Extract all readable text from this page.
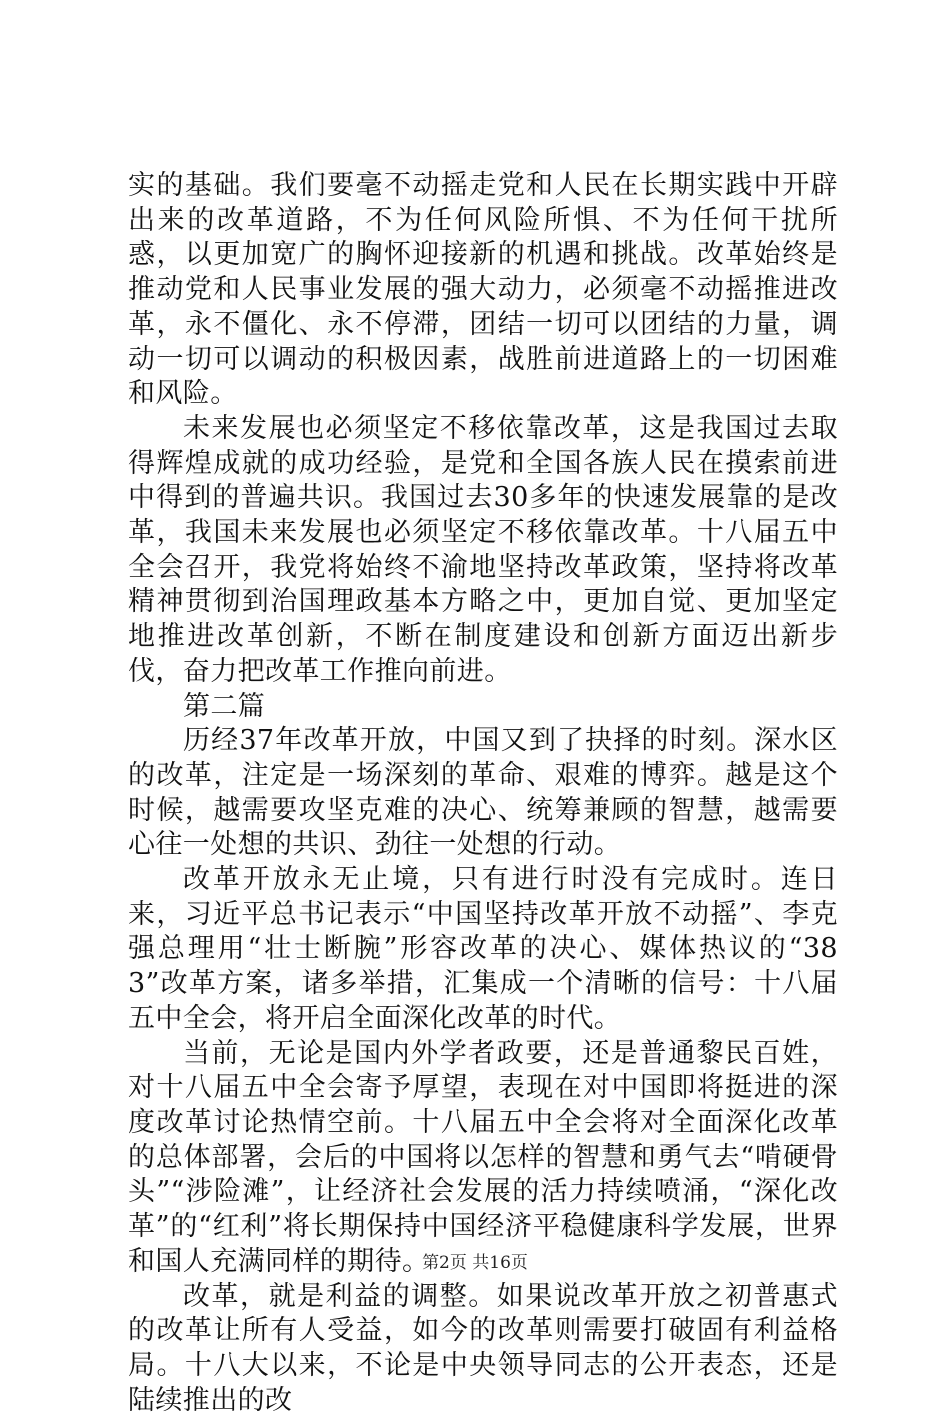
实的基础。我们要毫不动摇走党和人民在长期实践中开辟出来的改革道路，不为任何风险所惧、不为任何干扰所惑，以更加宽广的胸怀迎接新的机遇和挑战。改革始终是推动党和人民事业发展的强大动力，必须毫不动摇推进改革，永不僵化、永不停滞，团结一切可以团结的力量，调动一切可以调动的积极因素，战胜前进道路上的一切困难和风险。

未来发展也必须坚定不移依靠改革，这是我国过去取得辉煌成就的成功经验，是党和全国各族人民在摸索前进中得到的普遍共识。我国过去30多年的快速发展靠的是改革，我国未来发展也必须坚定不移依靠改革。十八届五中全会召开，我党将始终不渝地坚持改革政策，坚持将改革精神贯彻到治国理政基本方略之中，更加自觉、更加坚定地推进改革创新，不断在制度建设和创新方面迈出新步伐，奋力把改革工作推向前进。

第二篇

历经37年改革开放，中国又到了抉择的时刻。深水区的改革，注定是一场深刻的革命、艰难的博弈。越是这个时候，越需要攻坚克难的决心、统筹兼顾的智慧，越需要心往一处想的共识、劲往一处想的行动。

改革开放永无止境，只有进行时没有完成时。连日来，习近平总书记表示“中国坚持改革开放不动摇”、李克强总理用“壮士断腕”形容改革的决心、媒体热议的“383”改革方案，诸多举措，汇集成一个清晰的信号：十八届五中全会，将开启全面深化改革的时代。

当前，无论是国内外学者政要，还是普通黎民百姓，对十八届五中全会寄予厚望，表现在对中国即将挺进的深度改革讨论热情空前。十八届五中全会将对全面深化改革的总体部署，会后的中国将以怎样的智慧和勇气去“啃硬骨头”“涉险滩”，让经济社会发展的活力持续喷涌，“深化改革”的“红利”将长期保持中国经济平稳健康科学发展，世界和国人充满同样的期待。

改革，就是利益的调整。如果说改革开放之初普惠式的改革让所有人受益，如今的改革则需要打破固有利益格局。十八大以来，不论是中央领导同志的公开表态，还是陆续推出的改

第2页 共16页
